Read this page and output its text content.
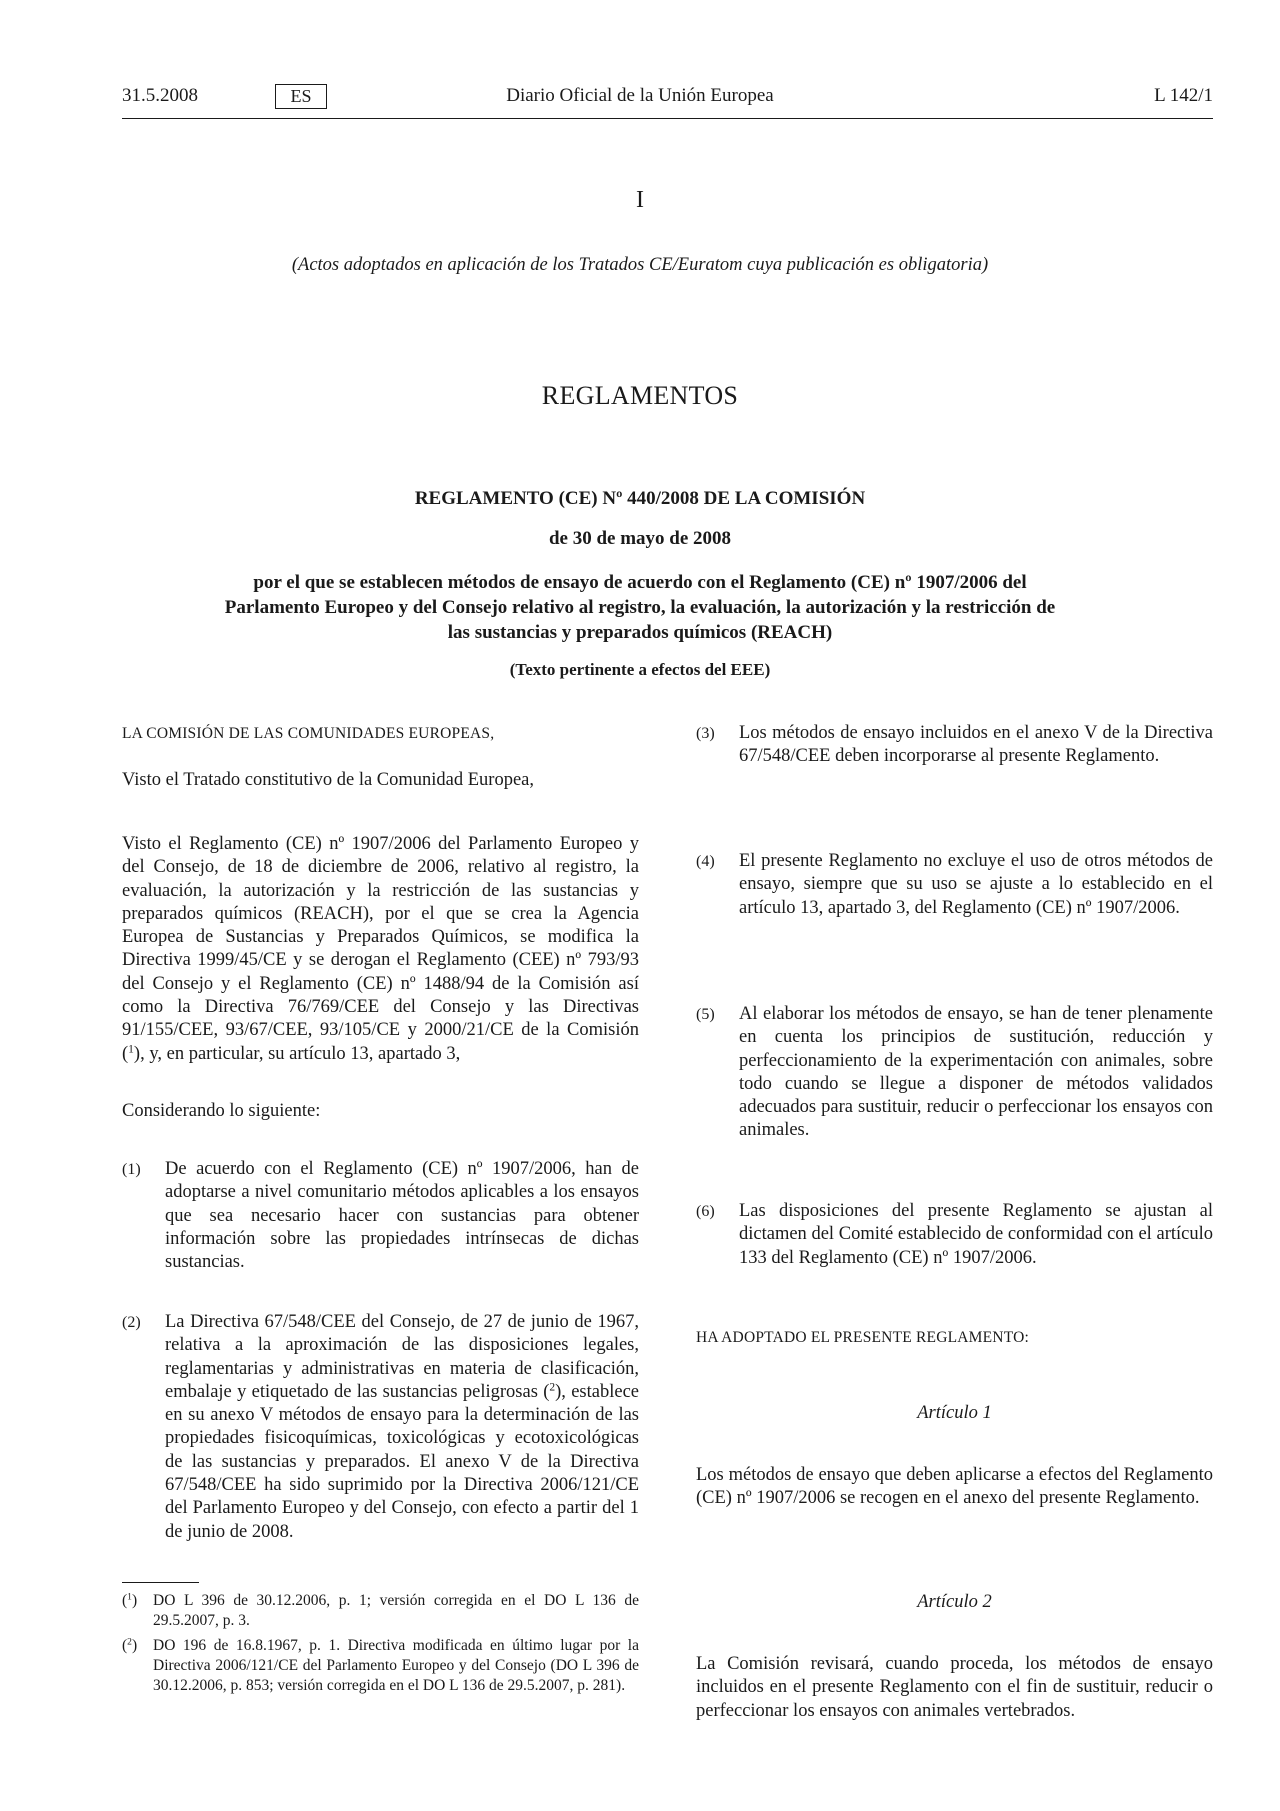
31.5.2008	ES	Diario Oficial de la Unión Europea	L 142/1
I
(Actos adoptados en aplicación de los Tratados CE/Euratom cuya publicación es obligatoria)
REGLAMENTOS
REGLAMENTO (CE) Nº 440/2008 DE LA COMISIÓN
de 30 de mayo de 2008
por el que se establecen métodos de ensayo de acuerdo con el Reglamento (CE) nº 1907/2006 del
Parlamento Europeo y del Consejo relativo al registro, la evaluación, la autorización y la restricción de
las sustancias y preparados químicos (REACH)
(Texto pertinente a efectos del EEE)
LA COMISIÓN DE LAS COMUNIDADES EUROPEAS,
Visto el Tratado constitutivo de la Comunidad Europea,
Visto el Reglamento (CE) nº 1907/2006 del Parlamento Europeo y del Consejo, de 18 de diciembre de 2006, relativo al registro, la evaluación, la autorización y la restricción de las sustancias y preparados químicos (REACH), por el que se crea la Agencia Europea de Sustancias y Preparados Químicos, se modifica la Directiva 1999/45/CE y se derogan el Reglamento (CEE) nº 793/93 del Consejo y el Reglamento (CE) nº 1488/94 de la Comisión así como la Directiva 76/769/CEE del Consejo y las Directivas 91/155/CEE, 93/67/CEE, 93/105/CE y 2000/21/CE de la Comisión ($^1$), y, en particular, su artículo 13, apartado 3,
Considerando lo siguiente:
(1) De acuerdo con el Reglamento (CE) nº 1907/2006, han de adoptarse a nivel comunitario métodos aplicables a los ensayos que sea necesario hacer con sustancias para obtener información sobre las propiedades intrínsecas de dichas sustancias.
(2) La Directiva 67/548/CEE del Consejo, de 27 de junio de 1967, relativa a la aproximación de las disposiciones legales, reglamentarias y administrativas en materia de clasificación, embalaje y etiquetado de las sustancias peligrosas ($^2$), establece en su anexo V métodos de ensayo para la determinación de las propiedades fisicoquímicas, toxicológicas y ecotoxicológicas de las sustancias y preparados. El anexo V de la Directiva 67/548/CEE ha sido suprimido por la Directiva 2006/121/CE del Parlamento Europeo y del Consejo, con efecto a partir del 1 de junio de 2008.
(3) Los métodos de ensayo incluidos en el anexo V de la Directiva 67/548/CEE deben incorporarse al presente Reglamento.
(4) El presente Reglamento no excluye el uso de otros métodos de ensayo, siempre que su uso se ajuste a lo establecido en el artículo 13, apartado 3, del Reglamento (CE) nº 1907/2006.
(5) Al elaborar los métodos de ensayo, se han de tener plenamente en cuenta los principios de sustitución, reducción y perfeccionamiento de la experimentación con animales, sobre todo cuando se llegue a disponer de métodos validados adecuados para sustituir, reducir o perfeccionar los ensayos con animales.
(6) Las disposiciones del presente Reglamento se ajustan al dictamen del Comité establecido de conformidad con el artículo 133 del Reglamento (CE) nº 1907/2006.
HA ADOPTADO EL PRESENTE REGLAMENTO:
Artículo 1
Los métodos de ensayo que deben aplicarse a efectos del Reglamento (CE) nº 1907/2006 se recogen en el anexo del presente Reglamento.
Artículo 2
La Comisión revisará, cuando proceda, los métodos de ensayo incluidos en el presente Reglamento con el fin de sustituir, reducir o perfeccionar los ensayos con animales vertebrados.
($^1$) DO L 396 de 30.12.2006, p. 1; versión corregida en el DO L 136 de 29.5.2007, p. 3.
($^2$) DO 196 de 16.8.1967, p. 1. Directiva modificada en último lugar por la Directiva 2006/121/CE del Parlamento Europeo y del Consejo (DO L 396 de 30.12.2006, p. 853; versión corregida en el DO L 136 de 29.5.2007, p. 281).
